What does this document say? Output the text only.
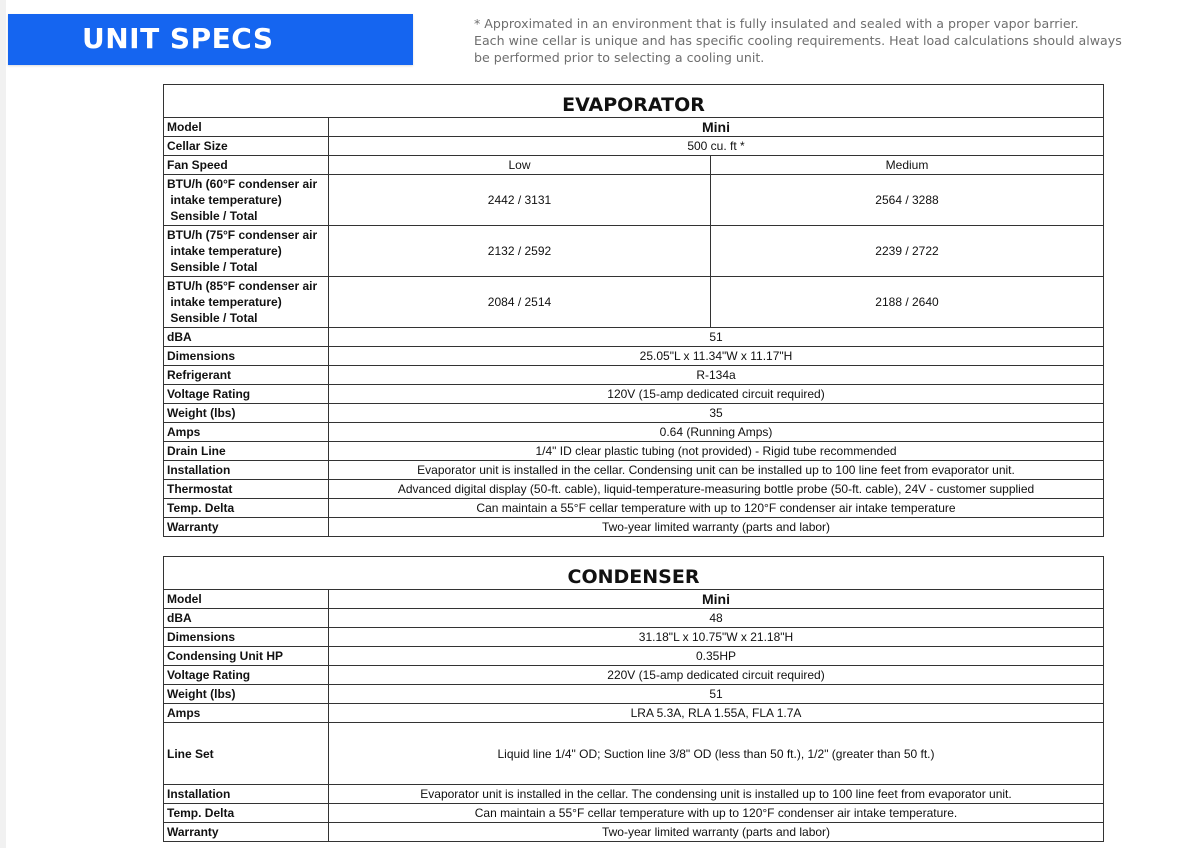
UNIT SPECS	* Approximated in an environment that is fully insulated and sealed with a proper vapor barrier.
Each wine cellar is unique and has specific cooling requirements. Heat load calculations should always
be performed prior to selecting a cooling unit.
EVAPORATOR		
Model	Mini	
Cellar Size	500 cu. ft *	
Fan Speed	Low	Medium

BTU/h (60°F condenser air
intake temperature)
Sensible / Total	2442 / 3131	2564 / 3288

BTU/h (75°F condenser air
intake temperature)
Sensible / Total	2132 / 2592	2239 / 2722

BTU/h (85°F condenser air
intake temperature)
Sensible / Total	2084 / 2514	2188 / 2640
dBA	51	
Dimensions	25.05"L x 11.34"W x 11.17"H	
Refrigerant	R-134a	
Voltage Rating	120V (15-amp dedicated circuit required)	
Weight (lbs)	35	
Amps	0.64 (Running Amps)	
Drain Line	1/4" ID clear plastic tubing (not provided) - Rigid tube recommended	
Installation	Evaporator unit is installed in the cellar. Condensing unit can be installed up to 100 line feet from evaporator unit.	
Thermostat	Advanced digital display (50-ft. cable), liquid-temperature-measuring bottle probe (50-ft. cable), 24V - customer supplied	
Temp. Delta	Can maintain a 55°F cellar temperature with up to 120°F condenser air intake temperature	
Warranty	Two-year limited warranty (parts and labor)	
CONDENSER	
Model	Mini
dBA	48
Dimensions	31.18"L x 10.75"W x 21.18"H
Condensing Unit HP	0.35HP
Voltage Rating	220V (15-amp dedicated circuit required)
Weight (lbs)	51
Amps	LRA 5.3A, RLA 1.55A, FLA 1.7A
Line Set	Liquid line 1/4" OD; Suction line 3/8" OD (less than 50 ft.), 1/2" (greater than 50 ft.)
Installation	Evaporator unit is installed in the cellar. The condensing unit is installed up to 100 line feet from evaporator unit.
Temp. Delta	Can maintain a 55°F cellar temperature with up to 120°F condenser air intake temperature.
Warranty	Two-year limited warranty (parts and labor)
